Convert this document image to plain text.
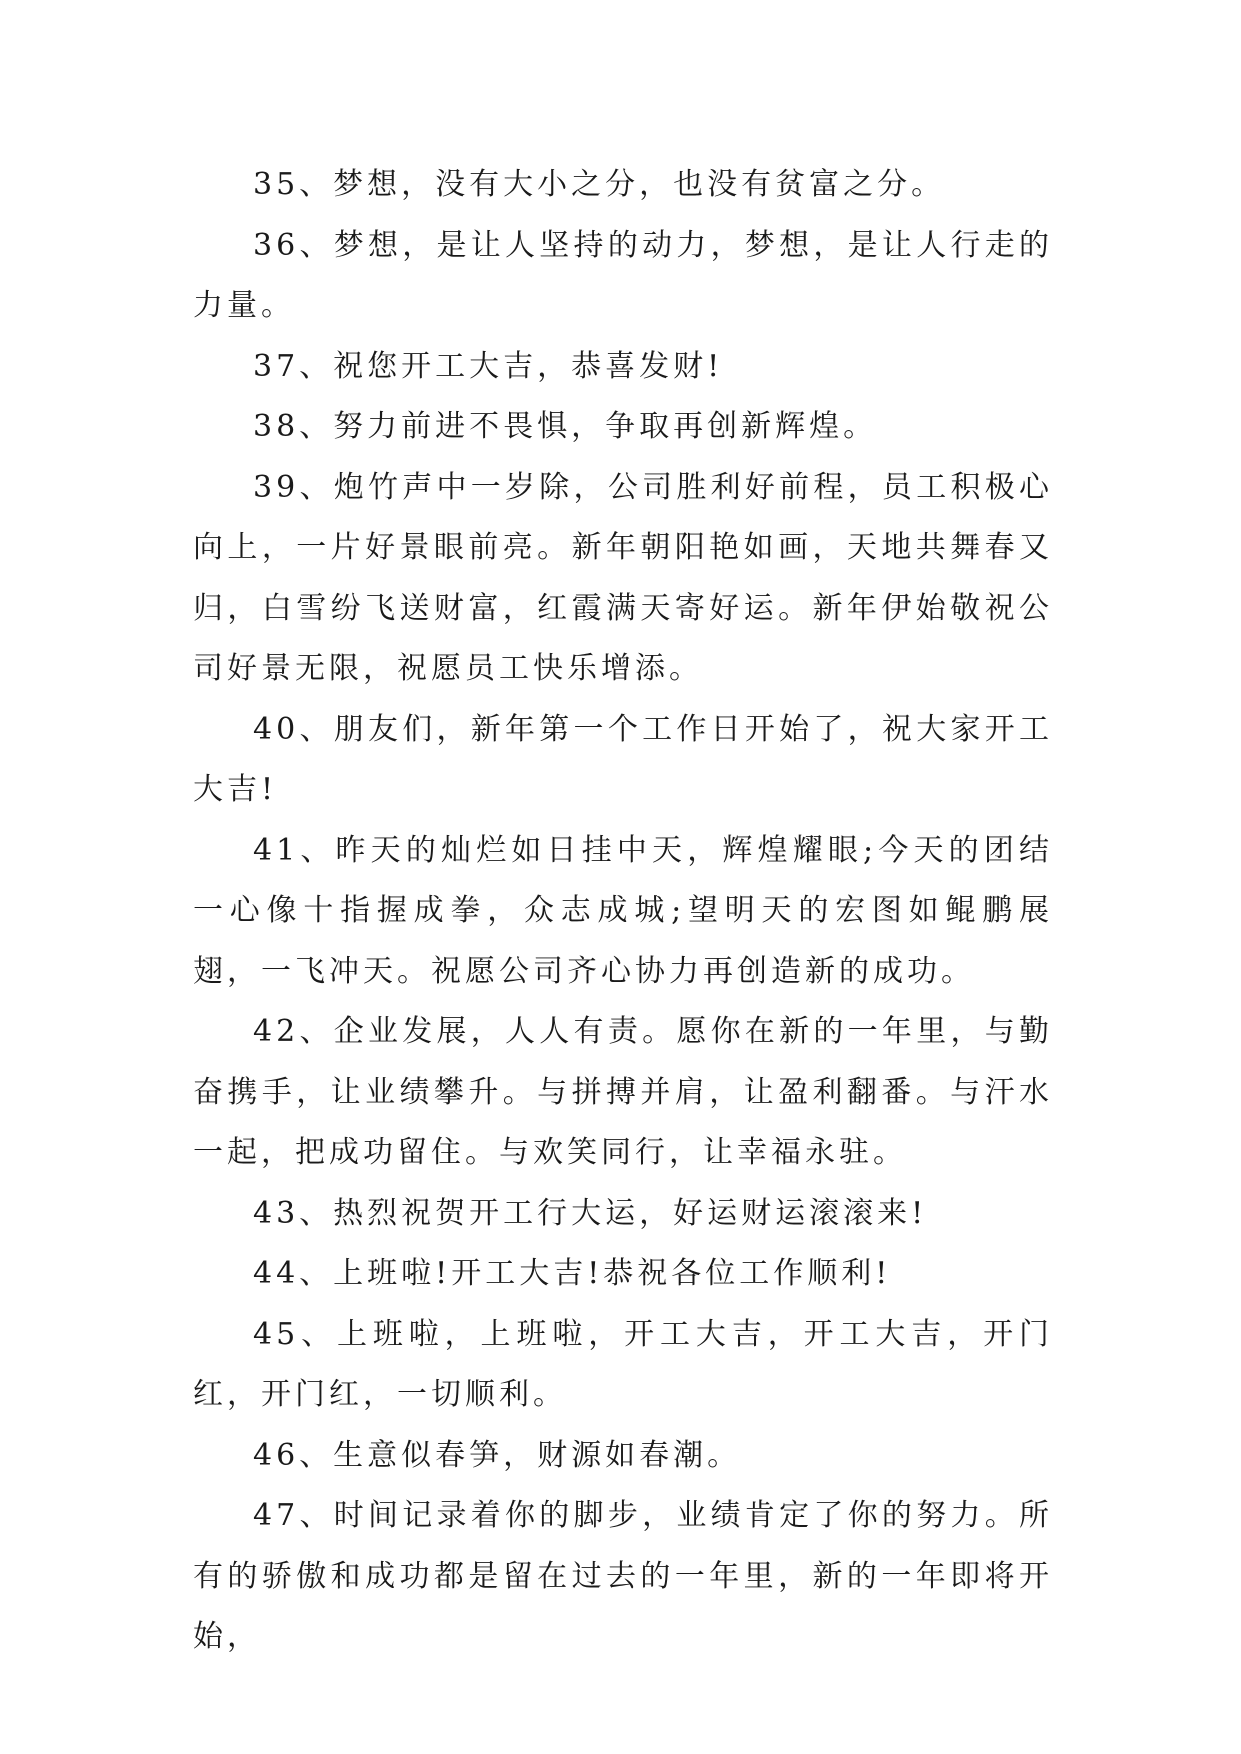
35、梦想，没有大小之分，也没有贫富之分。

36、梦想，是让人坚持的动力，梦想，是让人行走的力量。

37、祝您开工大吉，恭喜发财!

38、努力前进不畏惧，争取再创新辉煌。

39、炮竹声中一岁除，公司胜利好前程，员工积极心向上，一片好景眼前亮。新年朝阳艳如画，天地共舞春又归，白雪纷飞送财富，红霞满天寄好运。新年伊始敬祝公司好景无限，祝愿员工快乐增添。

40、朋友们，新年第一个工作日开始了，祝大家开工大吉!

41、昨天的灿烂如日挂中天，辉煌耀眼;今天的团结一心像十指握成拳，众志成城;望明天的宏图如鲲鹏展翅，一飞冲天。祝愿公司齐心协力再创造新的成功。

42、企业发展，人人有责。愿你在新的一年里，与勤奋携手，让业绩攀升。与拼搏并肩，让盈利翻番。与汗水一起，把成功留住。与欢笑同行，让幸福永驻。

43、热烈祝贺开工行大运，好运财运滚滚来!

44、上班啦!开工大吉!恭祝各位工作顺利!

45、上班啦，上班啦，开工大吉，开工大吉，开门红，开门红，一切顺利。

46、生意似春笋，财源如春潮。

47、时间记录着你的脚步，业绩肯定了你的努力。所有的骄傲和成功都是留在过去的一年里，新的一年即将开始，
